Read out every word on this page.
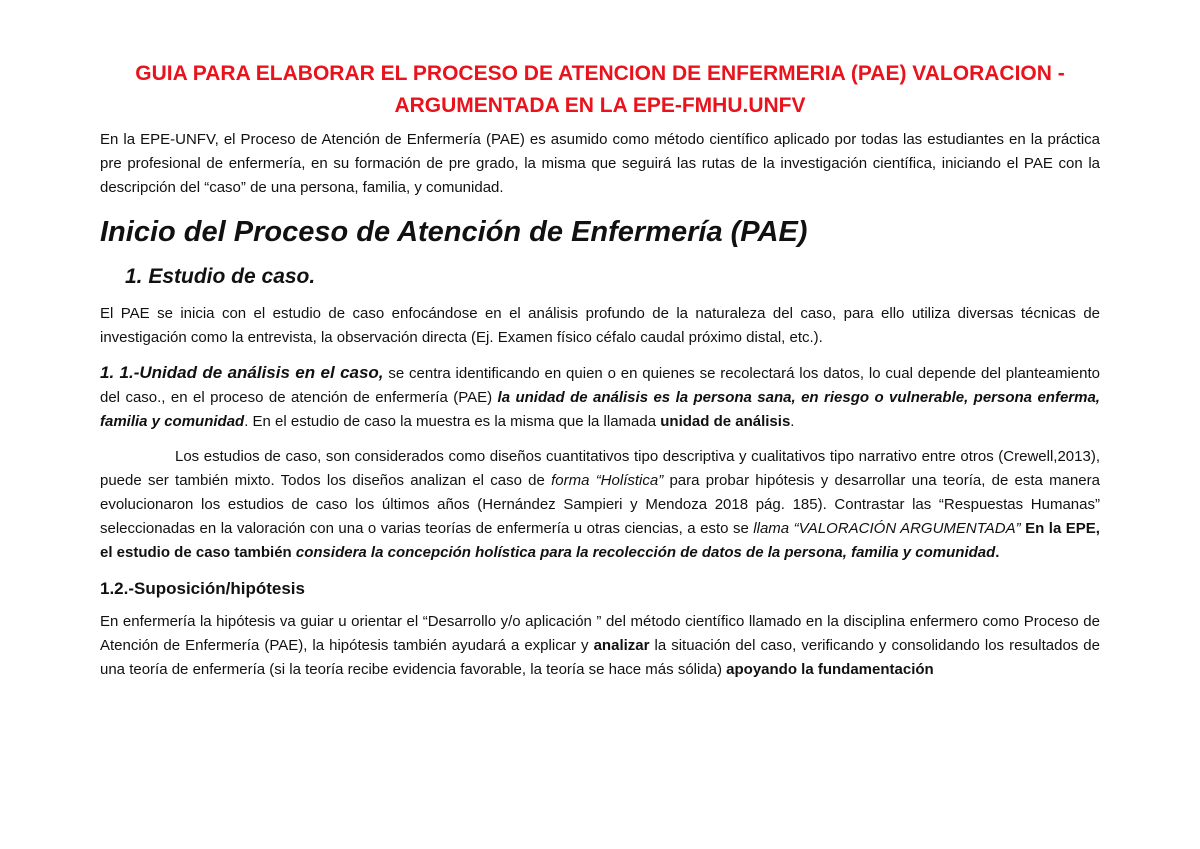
GUIA PARA ELABORAR EL PROCESO DE ATENCION DE ENFERMERIA (PAE) VALORACION - ARGUMENTADA EN LA EPE-FMHU.UNFV

En la EPE-UNFV, el Proceso de Atención de Enfermería (PAE) es asumido como método científico aplicado por todas las estudiantes en la práctica pre profesional de enfermería, en su formación de pre grado, la misma que seguirá las rutas de la investigación científica, iniciando el PAE con la descripción del “caso” de una persona, familia, y comunidad.

Inicio del Proceso de Atención de Enfermería (PAE)
1. Estudio de caso.

El PAE se inicia con el estudio de caso enfocándose en el análisis profundo de la naturaleza del caso, para ello utiliza diversas técnicas de investigación como la entrevista, la observación directa (Ej. Examen físico céfalo caudal próximo distal, etc.).

1. 1.-Unidad de análisis en el caso, se centra identificando en quien o en quienes se recolectará los datos, lo cual depende del planteamiento del caso., en el proceso de atención de enfermería (PAE) la unidad de análisis es la persona sana, en riesgo o vulnerable, persona enferma, familia y comunidad. En el estudio de caso la muestra es la misma que la llamada unidad de análisis.

Los estudios de caso, son considerados como diseños cuantitativos tipo descriptiva y cualitativos tipo narrativo entre otros (Crewell,2013), puede ser también mixto. Todos los diseños analizan el caso de forma “Holística” para probar hipótesis y desarrollar una teoría, de esta manera evolucionaron los estudios de caso los últimos años (Hernández Sampieri y Mendoza 2018 pág. 185). Contrastar las “Respuestas Humanas” seleccionadas en la valoración con una o varias teorías de enfermería u otras ciencias, a esto se llama “VALORACIÓN ARGUMENTADA” En la EPE, el estudio de caso también considera la concepción holística para la recolección de datos de la persona, familia y comunidad.

1.2.-Suposición/hipótesis

En enfermería la hipótesis va guiar u orientar el “Desarrollo y/o aplicación ” del método científico llamado en la disciplina enfermero como Proceso de Atención de Enfermería (PAE), la hipótesis también ayudará a explicar y analizar la situación del caso, verificando y consolidando los resultados de una teoría de enfermería (si la teoría recibe evidencia favorable, la teoría se hace más sólida) apoyando la fundamentación
